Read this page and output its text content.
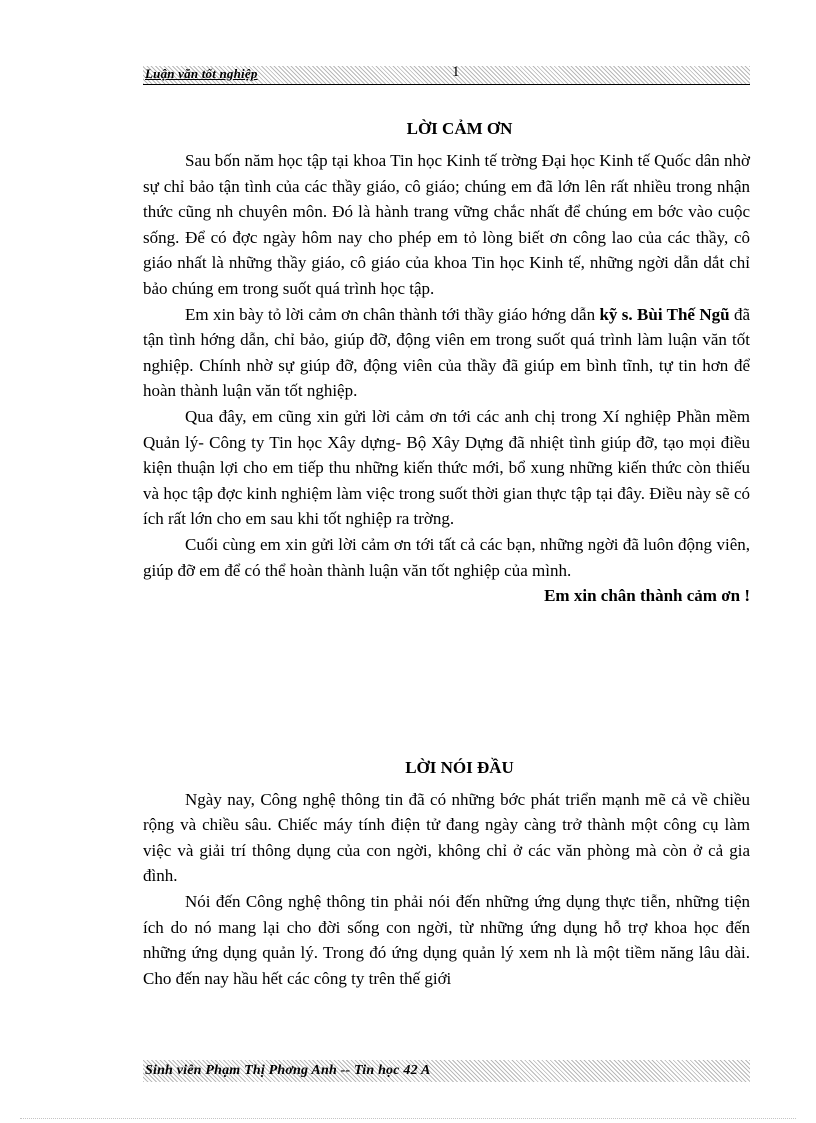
Luận văn tốt nghiệp	1
LỜI CẢM ƠN

Sau bốn năm học tập tại khoa Tin học Kinh tế trờng Đại học Kinh tế Quốc dân nhờ sự chỉ bảo tận tình của các thầy giáo, cô giáo; chúng em đã lớn lên rất nhiều trong nhận thức cũng nh chuyên môn. Đó là hành trang vững chắc nhất để chúng em bớc vào cuộc sống. Để có đợc ngày hôm nay cho phép em tỏ lòng biết ơn công lao của các thầy, cô giáo nhất là những thầy giáo, cô giáo của khoa Tin học Kinh tế, những ngời dẫn dắt chỉ bảo chúng em trong suốt quá trình học tập.

Em xin bày tỏ lời cảm ơn chân thành tới thầy giáo hớng dẫn kỹ s. Bùi Thế Ngũ đã tận tình hớng dẫn, chỉ bảo, giúp đỡ, động viên em trong suốt quá trình làm luận văn tốt nghiệp. Chính nhờ sự giúp đỡ, động viên của thầy đã giúp em bình tĩnh, tự tin hơn để hoàn thành luận văn tốt nghiệp.

Qua đây, em cũng xin gửi lời cảm ơn tới các anh chị trong Xí nghiệp Phần mềm Quản lý- Công ty Tin học Xây dựng- Bộ Xây Dựng đã nhiệt tình giúp đỡ, tạo mọi điều kiện thuận lợi cho em tiếp thu những kiến thức mới, bổ xung những kiến thức còn thiếu và học tập đợc kinh nghiệm làm việc trong suốt thời gian thực tập tại đây. Điều này sẽ có ích rất lớn cho em sau khi tốt nghiệp ra trờng.

Cuối cùng em xin gửi lời cảm ơn tới tất cả các bạn, những ngời đã luôn động viên, giúp đỡ em để có thể hoàn thành luận văn tốt nghiệp của mình.

Em xin chân thành cảm ơn !

LỜI NÓI ĐẦU

Ngày nay, Công nghệ thông tin đã có những bớc phát triển mạnh mẽ cả về chiều rộng và chiều sâu. Chiếc máy tính điện tử đang ngày càng trở thành một công cụ làm việc và giải trí thông dụng của con ngời, không chỉ ở các văn phòng mà còn ở cả gia đình.

Nói đến Công nghệ thông tin phải nói đến những ứng dụng thực tiễn, những tiện ích do nó mang lại cho đời sống con ngời, từ những ứng dụng hỗ trợ khoa học đến những ứng dụng quản lý. Trong đó ứng dụng quản lý xem nh là một tiềm năng lâu dài. Cho đến nay hầu hết các công ty trên thế giới

Sinh viên Phạm Thị Phơng Anh -- Tin học 42 A
